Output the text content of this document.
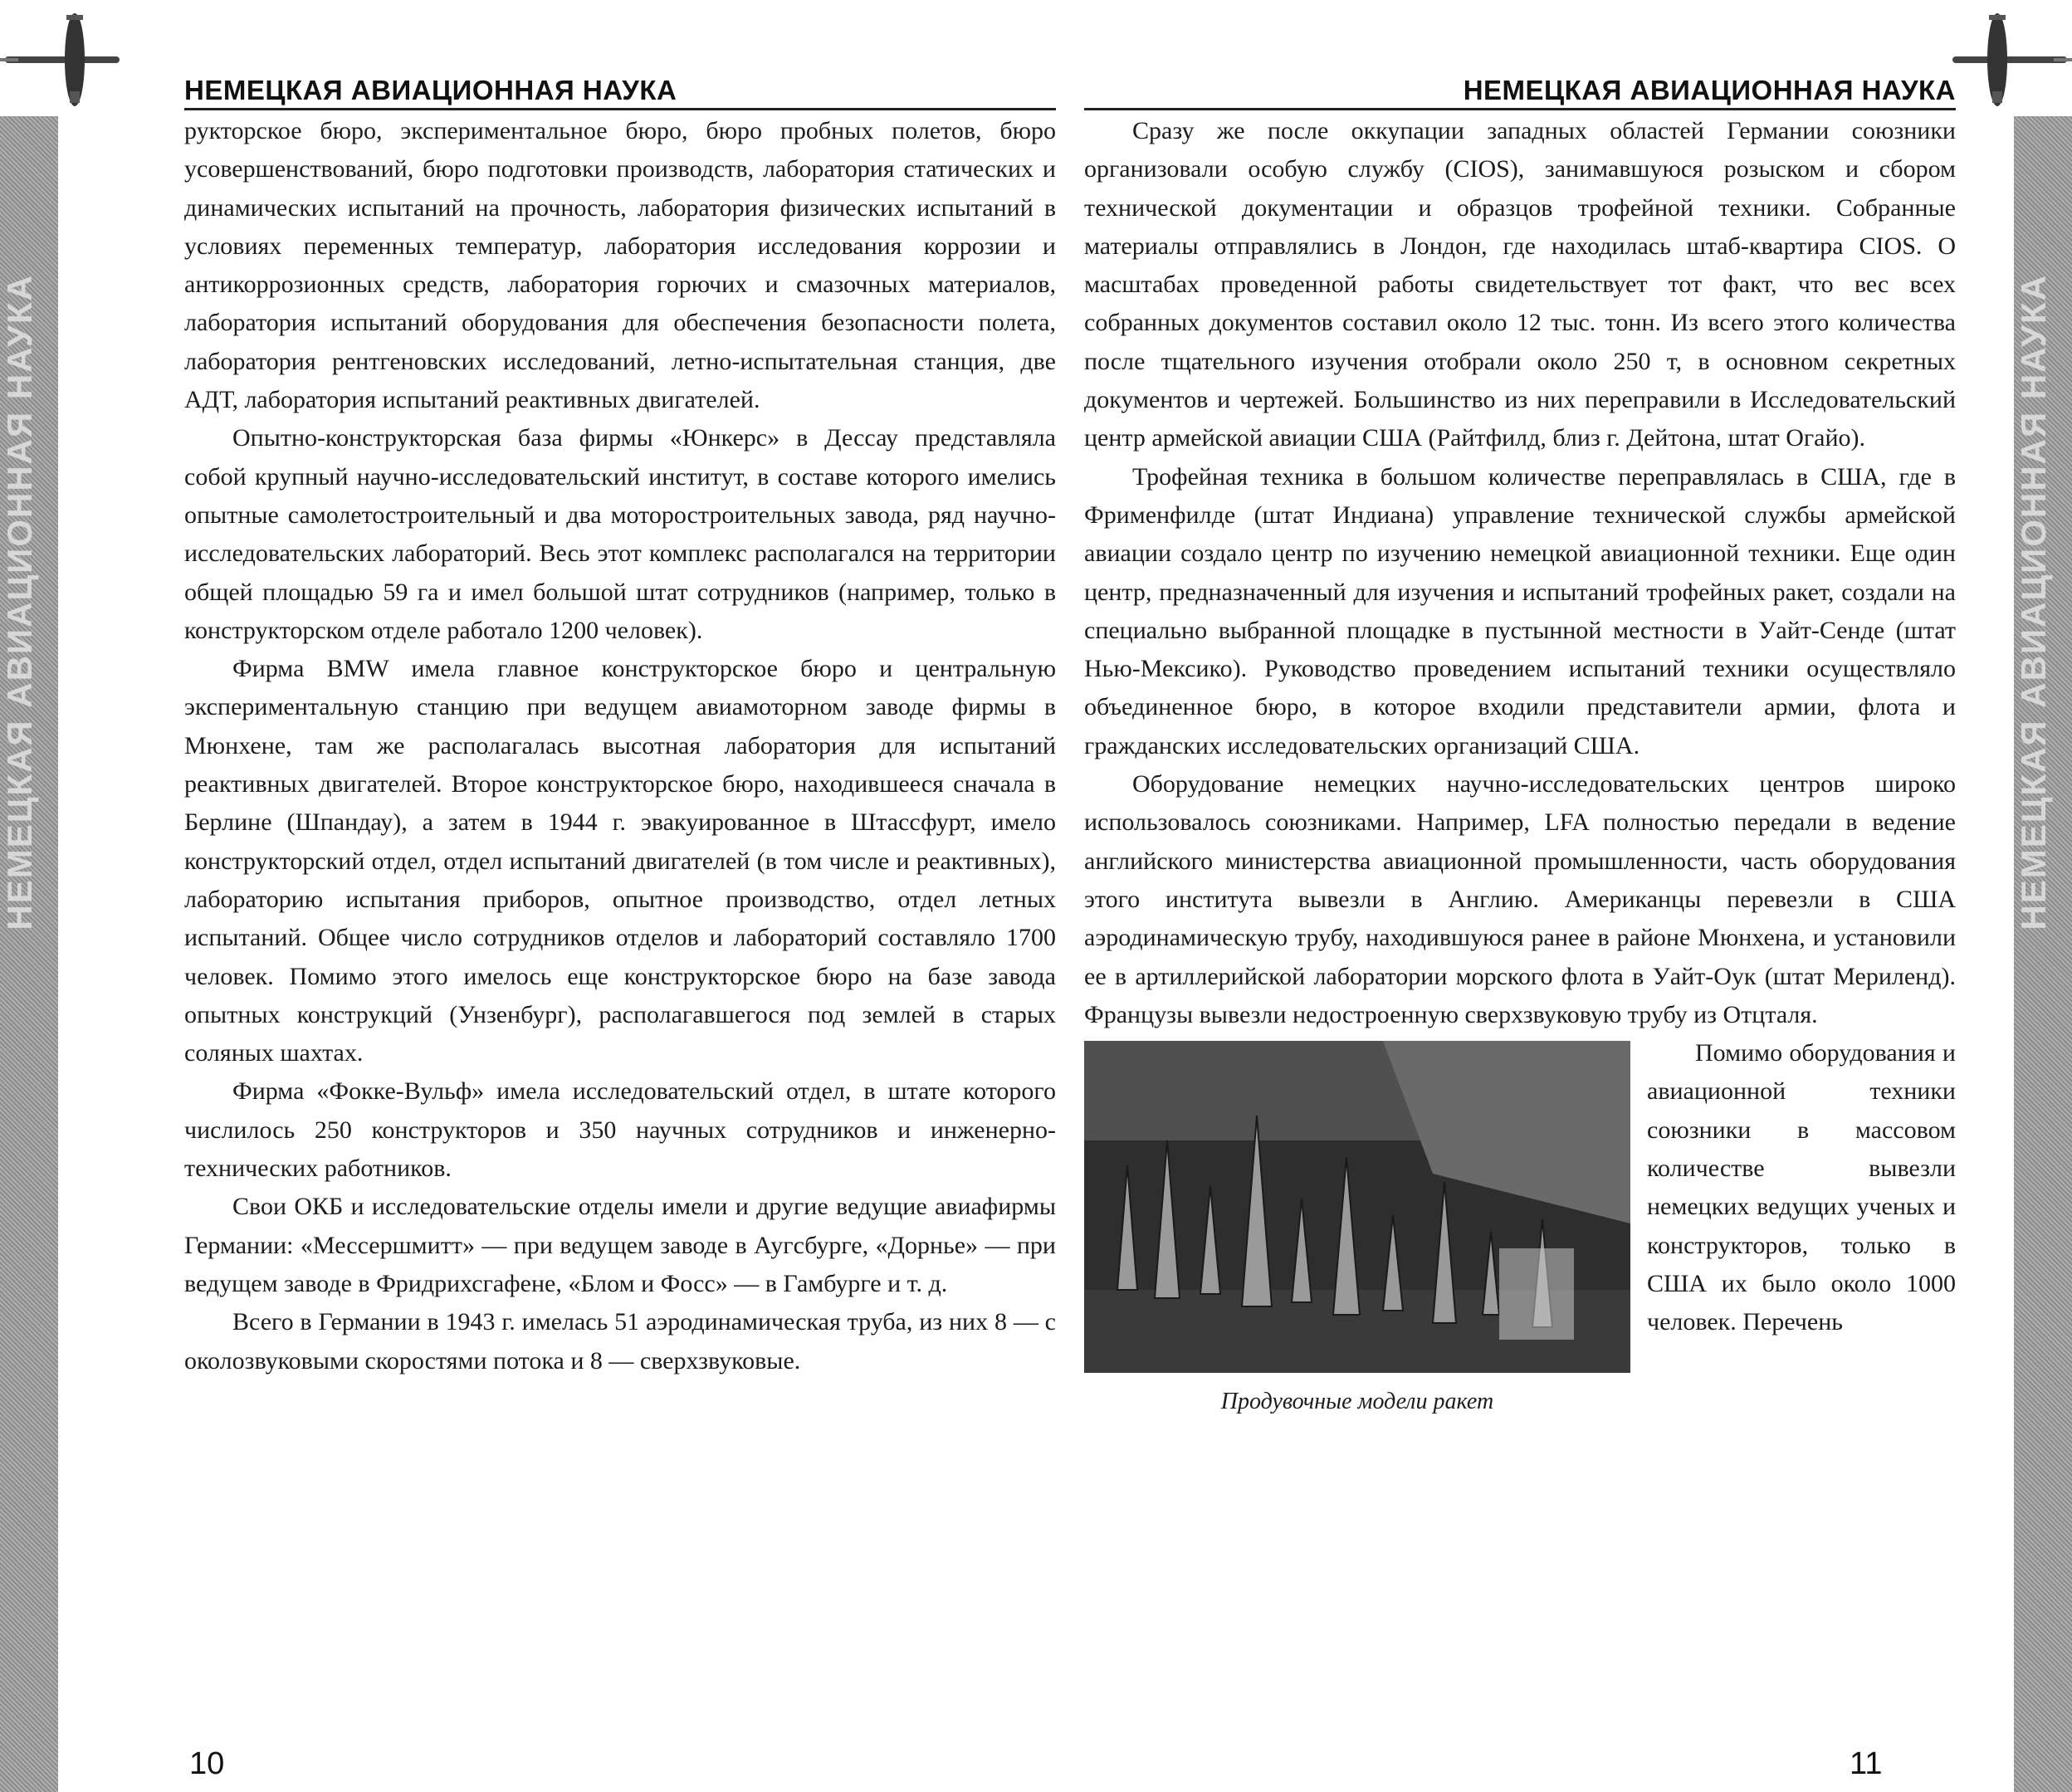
НЕМЕЦКАЯ АВИАЦИОННАЯ НАУКА	НЕМЕЦКАЯ АВИАЦИОННАЯ НАУКА
НЕМЕЦКАЯ АВИАЦИОННАЯ НАУКА

рукторское бюро, экспериментальное бюро, бюро пробных полетов, бюро усовершенствований, бюро подготовки производств, лаборатория статических и динамических испытаний на прочность, лаборатория физических испытаний в условиях переменных температур, лаборатория исследования коррозии и антикоррозионных средств, лаборатория горючих и смазочных материалов, лаборатория испытаний оборудования для обеспечения безопасности полета, лаборатория рентгеновских исследований, летно-испытательная станция, две АДТ, лаборатория испытаний реактивных двигателей.

Опытно-конструкторская база фирмы «Юнкерс» в Дессау представляла собой крупный научно-исследовательский институт, в составе которого имелись опытные самолетостроительный и два моторостроительных завода, ряд научно-исследовательских лабораторий. Весь этот комплекс располагался на территории общей площадью 59 га и имел большой штат сотрудников (например, только в конструкторском отделе работало 1200 человек).

Фирма BMW имела главное конструкторское бюро и центральную экспериментальную станцию при ведущем авиамоторном заводе фирмы в Мюнхене, там же располагалась высотная лаборатория для испытаний реактивных двигателей. Второе конструкторское бюро, находившееся сначала в Берлине (Шпандау), а затем в 1944 г. эвакуированное в Штассфурт, имело конструкторский отдел, отдел испытаний двигателей (в том числе и реактивных), лабораторию испытания приборов, опытное производство, отдел летных испытаний. Общее число сотрудников отделов и лабораторий составляло 1700 человек. Помимо этого имелось еще конструкторское бюро на базе завода опытных конструкций (Унзенбург), располагавшегося под землей в старых соляных шахтах.

Фирма «Фокке-Вульф» имела исследовательский отдел, в штате которого числилось 250 конструкторов и 350 научных сотрудников и инженерно-технических работников.

Свои ОКБ и исследовательские отделы имели и другие ведущие авиафирмы Германии: «Мессершмитт» — при ведущем заводе в Аугсбурге, «Дорнье» — при ведущем заводе в Фридрихсгафене, «Блом и Фосс» — в Гамбурге и т. д.

Всего в Германии в 1943 г. имелась 51 аэродинамическая труба, из них 8 — с околозвуковыми скоростями потока и 8 — сверхзвуковые.

НЕМЕЦКАЯ АВИАЦИОННАЯ НАУКА

Сразу же после оккупации западных областей Германии союзники организовали особую службу (CIOS), занимавшуюся розыском и сбором технической документации и образцов трофейной техники. Собранные материалы отправлялись в Лондон, где находилась штаб-квартира CIOS. О масштабах проведенной работы свидетельствует тот факт, что вес всех собранных документов составил около 12 тыс. тонн. Из всего этого количества после тщательного изучения отобрали около 250 т, в основном секретных документов и чертежей. Большинство из них переправили в Исследовательский центр армейской авиации США (Райтфилд, близ г. Дейтона, штат Огайо).

Трофейная техника в большом количестве переправлялась в США, где в Фрименфилде (штат Индиана) управление технической службы армейской авиации создало центр по изучению немецкой авиационной техники. Еще один центр, предназначенный для изучения и испытаний трофейных ракет, создали на специально выбранной площадке в пустынной местности в Уайт-Сенде (штат Нью-Мексико). Руководство проведением испытаний техники осуществляло объединенное бюро, в которое входили представители армии, флота и гражданских исследовательских организаций США.

Оборудование немецких научно-исследовательских центров широко использовалось союзниками. Например, LFA полностью передали в ведение английского министерства авиационной промышленности, часть оборудования этого института вывезли в Англию. Американцы перевезли в США аэродинамическую трубу, находившуюся ранее в районе Мюнхена, и установили ее в артиллерийской лаборатории морского флота в Уайт-Оук (штат Мериленд). Французы вывезли недостроенную сверхзвуковую трубу из Отцталя.

Продувочные модели ракет

Помимо оборудования и авиационной техники союзники в массовом количестве вывезли немецких ведущих ученых и конструкторов, только в США их было около 1000 человек. Перечень

10	11
